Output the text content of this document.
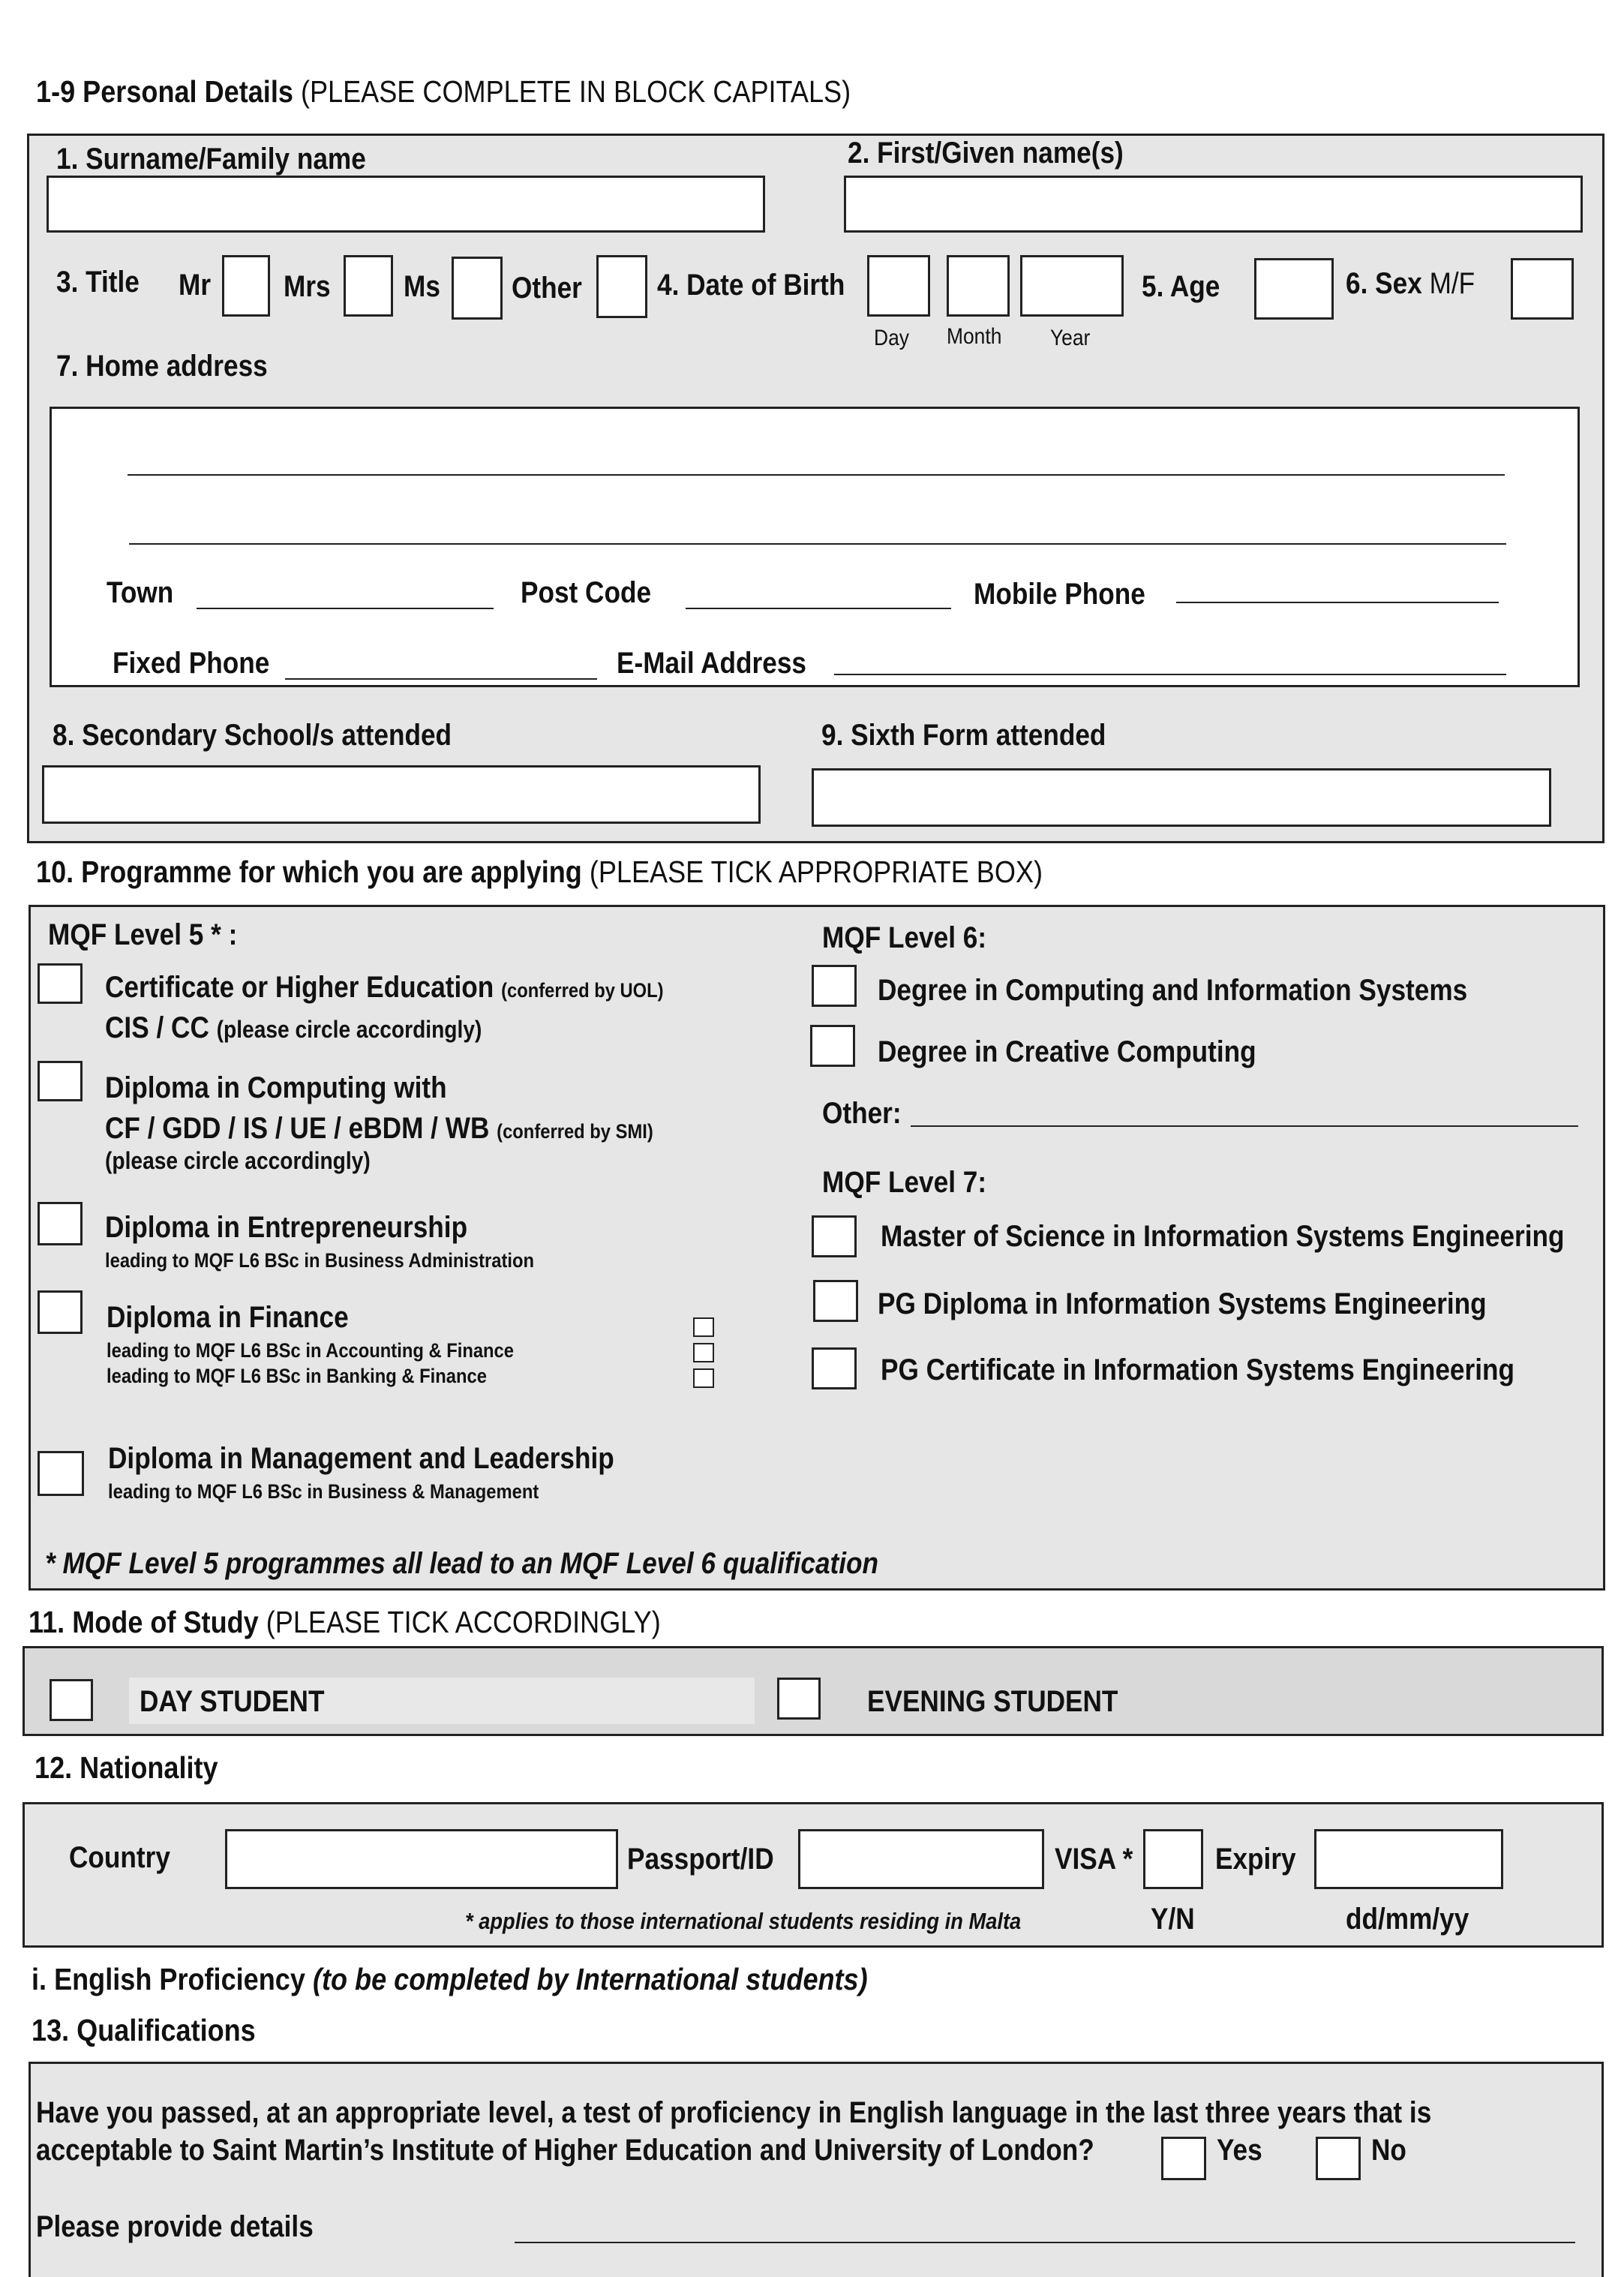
1-9 Personal Details (PLEASE COMPLETE IN BLOCK CAPITALS)
1. Surname/Family name	2. First/Given name(s)
3. Title Mr Mrs Ms Other	4. Date of Birth
Day Month Year
5. Age	6. Sex M/F
7. Home address
Town	Post Code	Mobile Phone
Fixed Phone	E-Mail Address
8. Secondary School/s attended	9. Sixth Form attended
10. Programme for which you are applying (PLEASE TICK APPROPRIATE BOX)
MQF Level 5 * :
Certificate or Higher Education (conferred by UOL)
CIS / CC (please circle accordingly)
Diploma in Computing with
CF / GDD / IS / UE / eBDM / WB (conferred by SMI)
(please circle accordingly)
Diploma in Entrepreneurship
leading to MQF L6 BSc in Business Administration
Diploma in Finance
leading to MQF L6 BSc in Accounting & Finance
leading to MQF L6 BSc in Banking & Finance
Diploma in Management and Leadership
leading to MQF L6 BSc in Business & Management
* MQF Level 5 programmes all lead to an MQF Level 6 qualification
MQF Level 6:
Degree in Computing and Information Systems
Degree in Creative Computing
Other:
MQF Level 7:
Master of Science in Information Systems Engineering
PG Diploma in Information Systems Engineering
PG Certificate in Information Systems Engineering
11. Mode of Study (PLEASE TICK ACCORDINGLY)
DAY STUDENT	EVENING STUDENT
12. Nationality
Country	Passport/ID	VISA *	Expiry
* applies to those international students residing in Malta	Y/N	dd/mm/yy
i. English Proficiency (to be completed by International students)
13. Qualifications
Have you passed, at an appropriate level, a test of proficiency in English language in the last three years that is
acceptable to Saint Martin’s Institute of Higher Education and University of London?	Yes	No
Please provide details
